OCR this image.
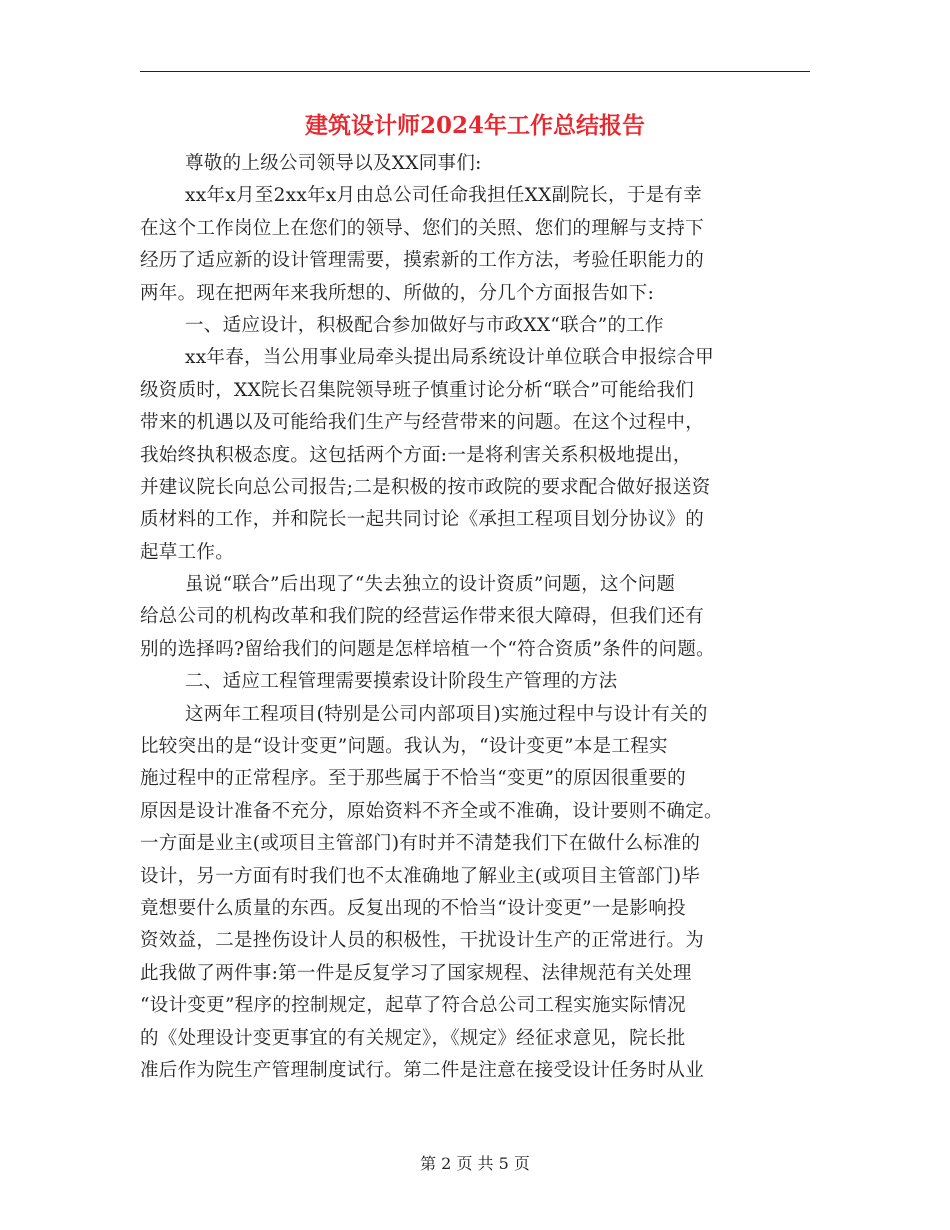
建筑设计师2024年工作总结报告
尊敬的上级公司领导以及XX同事们:
xx年x月至2xx年x月由总公司任命我担任XX副院长，于是有幸
在这个工作岗位上在您们的领导、您们的关照、您们的理解与支持下
经历了适应新的设计管理需要，摸索新的工作方法，考验任职能力的
两年。现在把两年来我所想的、所做的，分几个方面报告如下:
一、适应设计，积极配合参加做好与市政XX“联合”的工作
xx年春，当公用事业局牵头提出局系统设计单位联合申报综合甲
级资质时，XX院长召集院领导班子慎重讨论分析“联合”可能给我们
带来的机遇以及可能给我们生产与经营带来的问题。在这个过程中，
我始终执积极态度。这包括两个方面:一是将利害关系积极地提出，
并建议院长向总公司报告;二是积极的按市政院的要求配合做好报送资
质材料的工作，并和院长一起共同讨论《承担工程项目划分协议》的
起草工作。
虽说“联合”后出现了“失去独立的设计资质”问题，这个问题
给总公司的机构改革和我们院的经营运作带来很大障碍，但我们还有
别的选择吗?留给我们的问题是怎样培植一个“符合资质”条件的问题。
二、适应工程管理需要摸索设计阶段生产管理的方法
这两年工程项目(特别是公司内部项目)实施过程中与设计有关的
比较突出的是“设计变更”问题。我认为，“设计变更”本是工程实
施过程中的正常程序。至于那些属于不恰当“变更”的原因很重要的
原因是设计准备不充分，原始资料不齐全或不准确，设计要则不确定。
一方面是业主(或项目主管部门)有时并不清楚我们下在做什么标准的
设计，另一方面有时我们也不太准确地了解业主(或项目主管部门)毕
竟想要什么质量的东西。反复出现的不恰当“设计变更”一是影响投
资效益，二是挫伤设计人员的积极性，干扰设计生产的正常进行。为
此我做了两件事:第一件是反复学习了国家规程、法律规范有关处理
“设计变更”程序的控制规定，起草了符合总公司工程实施实际情况
的《处理设计变更事宜的有关规定》，《规定》经征求意见，院长批
准后作为院生产管理制度试行。第二件是注意在接受设计任务时从业
第 2 页 共 5 页
